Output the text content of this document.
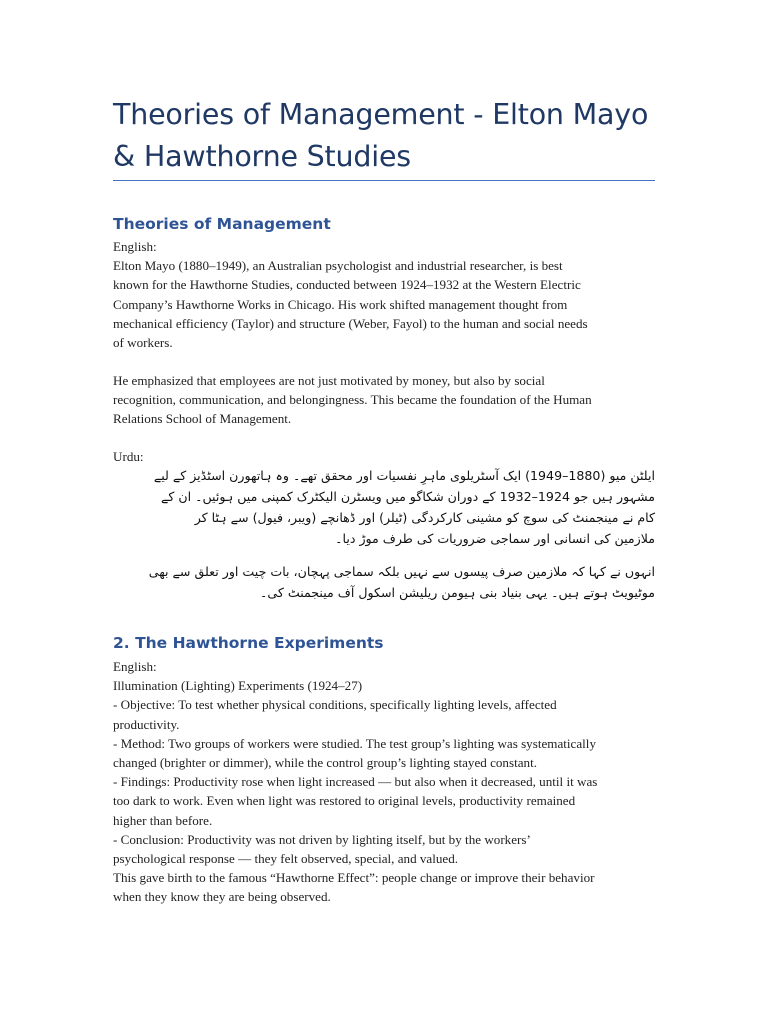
Theories of Management - Elton Mayo
& Hawthorne Studies
Theories of Management
English:
Elton Mayo (1880–1949), an Australian psychologist and industrial researcher, is best
known for the Hawthorne Studies, conducted between 1924–1932 at the Western Electric
Company’s Hawthorne Works in Chicago. His work shifted management thought from
mechanical efficiency (Taylor) and structure (Weber, Fayol) to the human and social needs
of workers.
He emphasized that employees are not just motivated by money, but also by social
recognition, communication, and belongingness. This became the foundation of the Human
Relations School of Management.
Urdu:
ایلٹن میو (1880–1949) ایک آسٹریلوی ماہرِ نفسیات اور محقق تھے۔ وہ ہاتھورن اسٹڈیز کے لیے
مشہور ہیں جو 1924–1932 کے دوران شکاگو میں ویسٹرن الیکٹرک کمپنی میں ہوئیں۔ ان کے
کام نے مینجمنٹ کی سوچ کو مشینی کارکردگی (ٹیلر) اور ڈھانچے (ویبر، فیول) سے ہٹا کر
ملازمین کی انسانی اور سماجی ضروریات کی طرف موڑ دیا۔
انہوں نے کہا کہ ملازمین صرف پیسوں سے نہیں بلکہ سماجی پہچان، بات چیت اور تعلق سے بھی
موٹیویٹ ہوتے ہیں۔ یہی بنیاد بنی ہیومن ریلیشن اسکول آف مینجمنٹ کی۔
2. The Hawthorne Experiments
English:
Illumination (Lighting) Experiments (1924–27)
- Objective: To test whether physical conditions, specifically lighting levels, affected
productivity.
- Method: Two groups of workers were studied. The test group’s lighting was systematically
changed (brighter or dimmer), while the control group’s lighting stayed constant.
- Findings: Productivity rose when light increased — but also when it decreased, until it was
too dark to work. Even when light was restored to original levels, productivity remained
higher than before.
- Conclusion: Productivity was not driven by lighting itself, but by the workers’
psychological response — they felt observed, special, and valued.
This gave birth to the famous “Hawthorne Effect”: people change or improve their behavior
when they know they are being observed.
